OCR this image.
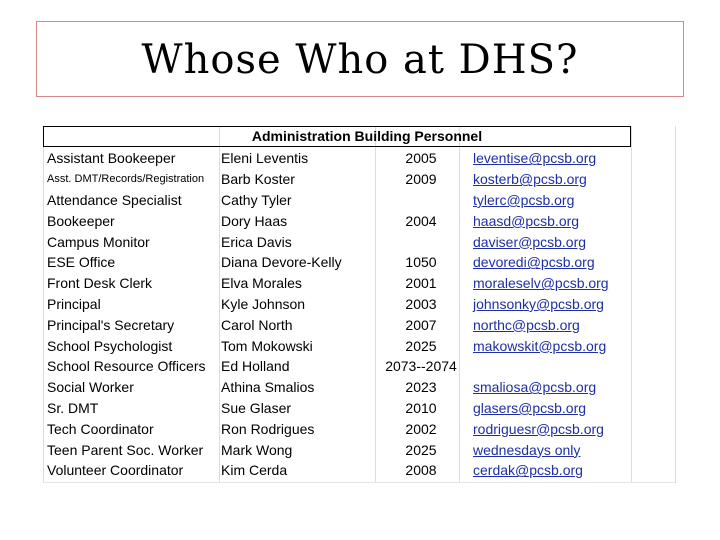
Whose Who at DHS?
Administration Building Personnel
Assistant Bookeeper	Eleni Leventis	2005	leventise@pcsb.org
Asst. DMT/Records/Registration	Barb Koster	2009	kosterb@pcsb.org
Attendance Specialist	Cathy Tyler		tylerc@pcsb.org
Bookeeper	Dory Haas	2004	haasd@pcsb.org
Campus Monitor	Erica Davis		daviser@pcsb.org
ESE Office	Diana Devore-Kelly	1050	devoredi@pcsb.org
Front Desk Clerk	Elva Morales	2001	moraleselv@pcsb.org
Principal	Kyle Johnson	2003	johnsonky@pcsb.org
Principal's Secretary	Carol North	2007	northc@pcsb.org
School Psychologist	Tom Mokowski	2025	makowskit@pcsb.org
School Resource Officers	Ed Holland	2073--2074	
Social Worker	Athina Smalios	2023	smaliosa@pcsb.org
Sr. DMT	Sue Glaser	2010	glasers@pcsb.org
Tech Coordinator	Ron Rodrigues	2002	rodriguesr@pcsb.org
Teen Parent Soc. Worker	Mark Wong	2025	wednesdays only
Volunteer Coordinator	Kim Cerda	2008	cerdak@pcsb.org
